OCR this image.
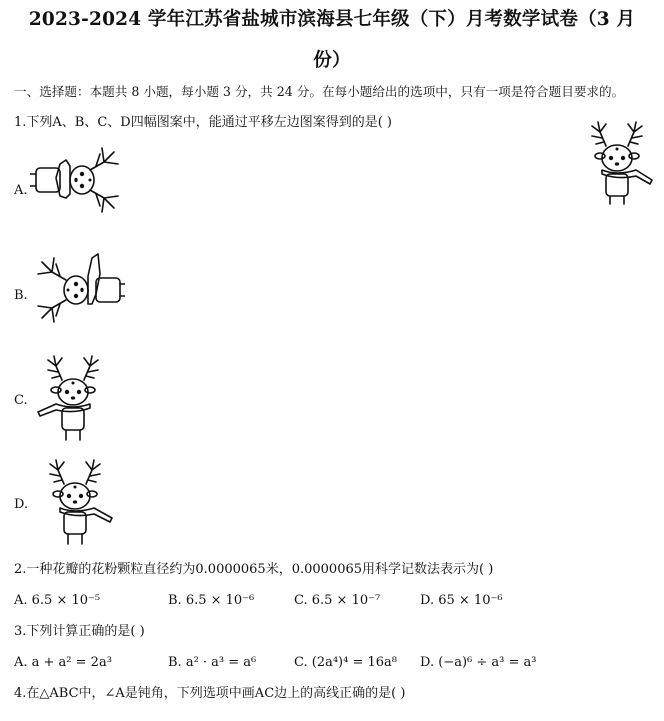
2023-2024 学年江苏省盐城市滨海县七年级（下）月考数学试卷（3 月
份）
一、选择题：本题共 8 小题，每小题 3 分，共 24 分。在每小题给出的选项中，只有一项是符合题目要求的。
1.下列A、B、C、D四幅图案中，能通过平移左边图案得到的是( )
A.
B.
C.
D.
2.一种花瓣的花粉颗粒直径约为0.0000065米，0.0000065用科学记数法表示为( )
A. 6.5 × 10⁻⁵	B. 6.5 × 10⁻⁶	C. 6.5 × 10⁻⁷	D. 65 × 10⁻⁶
3.下列计算正确的是( )
A. a + a² = 2a³	B. a² · a³ = a⁶	C. (2a⁴)⁴ = 16a⁸ D. (−a)⁶ ÷ a³ = a³
4.在△ABC中，∠A是钝角，下列选项中画AC边上的高线正确的是( )
